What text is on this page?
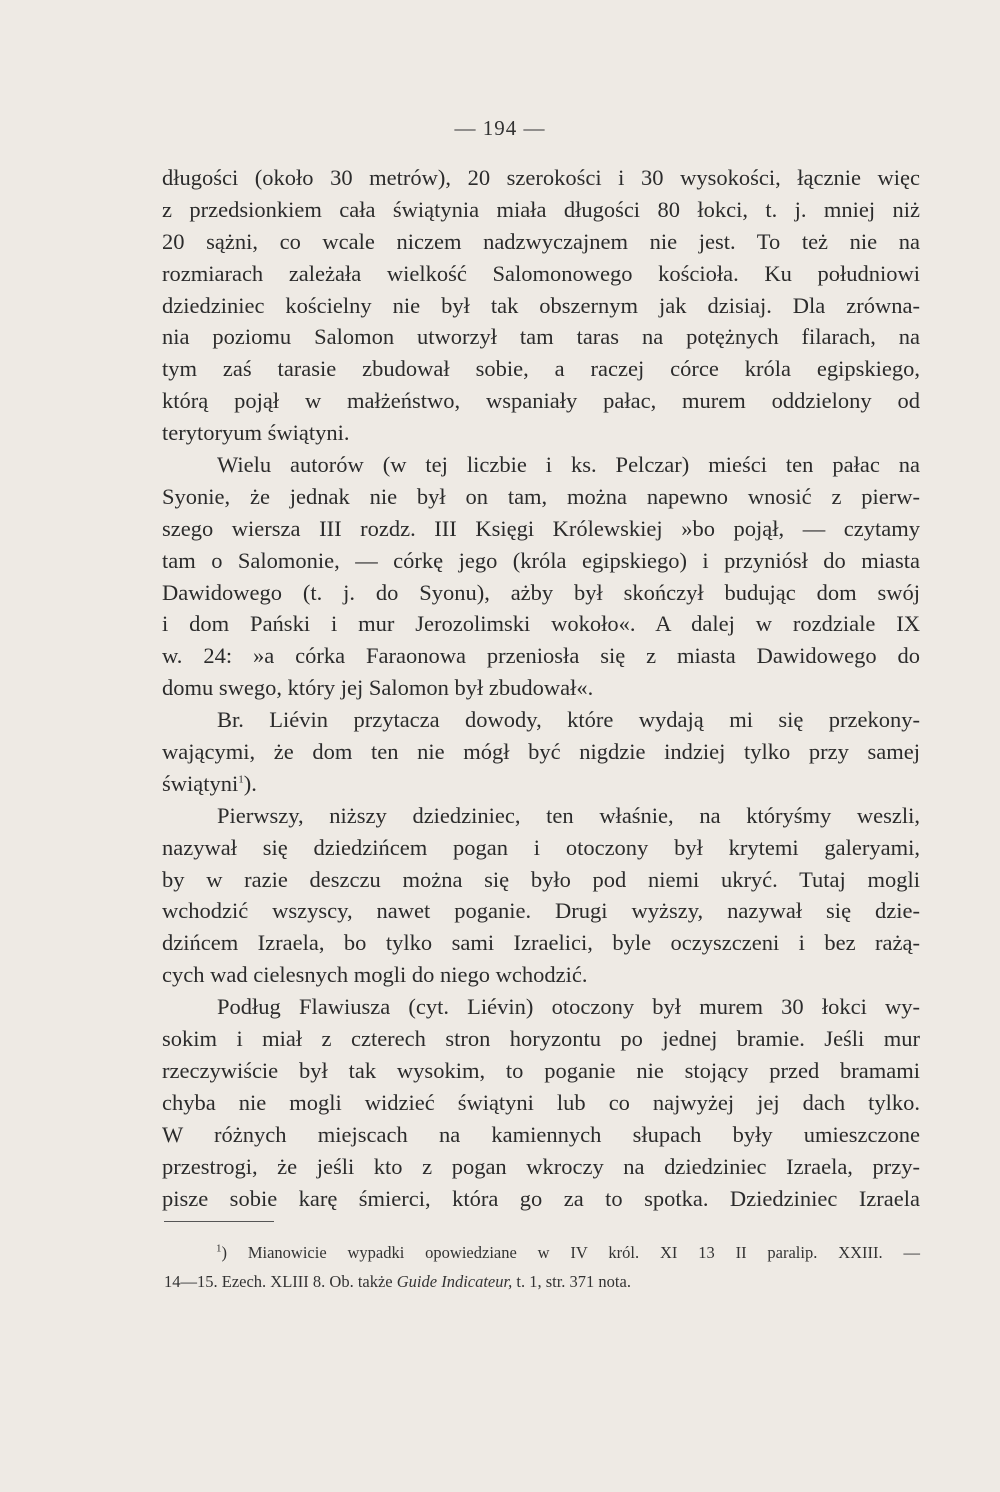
— 194 —
długości (około 30 metrów), 20 szerokości i 30 wysokości, łącznie więc
z przedsionkiem cała świątynia miała długości 80 łokci, t. j. mniej niż
20 sążni, co wcale niczem nadzwyczajnem nie jest. To też nie na
rozmiarach zależała wielkość Salomonowego kościoła. Ku południowi
dziedziniec kościelny nie był tak obszernym jak dzisiaj. Dla zrówna-
nia poziomu Salomon utworzył tam taras na potężnych filarach, na
tym zaś tarasie zbudował sobie, a raczej córce króla egipskiego,
którą pojął w małżeństwo, wspaniały pałac, murem oddzielony od
terytoryum świątyni.
Wielu autorów (w tej liczbie i ks. Pelczar) mieści ten pałac na
Syonie, że jednak nie był on tam, można napewno wnosić z pierw-
szego wiersza III rozdz. III Księgi Królewskiej »bo pojął, — czytamy
tam o Salomonie, — córkę jego (króla egipskiego) i przyniósł do miasta
Dawidowego (t. j. do Syonu), ażby był skończył budując dom swój
i dom Pański i mur Jerozolimski wokoło«. A dalej w rozdziale IX
w. 24: »a córka Faraonowa przeniosła się z miasta Dawidowego do
domu swego, który jej Salomon był zbudował«.
Br. Liévin przytacza dowody, które wydają mi się przekony-
wającymi, że dom ten nie mógł być nigdzie indziej tylko przy samej
świątyni$^1$).
Pierwszy, niższy dziedziniec, ten właśnie, na któryśmy weszli,
nazywał się dziedzińcem pogan i otoczony był krytemi galeryami,
by w razie deszczu można się było pod niemi ukryć. Tutaj mogli
wchodzić wszyscy, nawet poganie. Drugi wyższy, nazywał się dzie-
dzińcem Izraela, bo tylko sami Izraelici, byle oczyszczeni i bez rażą-
cych wad cielesnych mogli do niego wchodzić.
Podług Flawiusza (cyt. Liévin) otoczony był murem 30 łokci wy-
sokim i miał z czterech stron horyzontu po jednej bramie. Jeśli mur
rzeczywiście był tak wysokim, to poganie nie stojący przed bramami
chyba nie mogli widzieć świątyni lub co najwyżej jej dach tylko.
W różnych miejscach na kamiennych słupach były umieszczone
przestrogi, że jeśli kto z pogan wkroczy na dziedziniec Izraela, przy-
pisze sobie karę śmierci, która go za to spotka. Dziedziniec Izraela
$^1$) Mianowicie wypadki opowiedziane w IV król. XI 13 II paralip. XXIII. —
14—15. Ezech. XLIII 8. Ob. także Guide Indicateur, t. 1, str. 371 nota.
